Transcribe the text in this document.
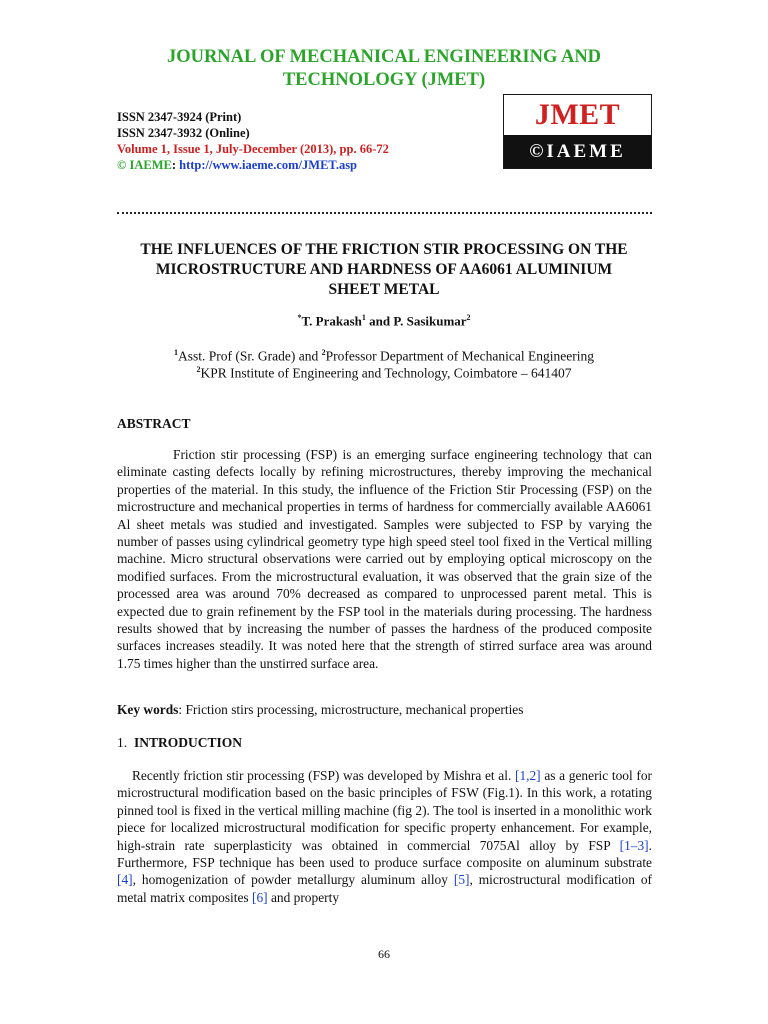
JOURNAL OF MECHANICAL ENGINEERING AND
TECHNOLOGY (JMET)
ISSN 2347-3924 (Print)
ISSN 2347-3932 (Online)
Volume 1, Issue 1, July-December (2013), pp. 66-72
© IAEME: http://www.iaeme.com/JMET.asp
JMET
©IAEME
THE INFLUENCES OF THE FRICTION STIR PROCESSING ON THE
MICROSTRUCTURE AND HARDNESS OF AA6061 ALUMINIUM
SHEET METAL
*T. Prakash$^1$ and P. Sasikumar$^2$
$^1$Asst. Prof (Sr. Grade) and $^2$Professor Department of Mechanical Engineering
$^2$KPR Institute of Engineering and Technology, Coimbatore – 641407
ABSTRACT
Friction stir processing (FSP) is an emerging surface engineering technology that can eliminate casting defects locally by refining microstructures, thereby improving the mechanical properties of the material. In this study, the influence of the Friction Stir Processing (FSP) on the microstructure and mechanical properties in terms of hardness for commercially available AA6061 Al sheet metals was studied and investigated. Samples were subjected to FSP by varying the number of passes using cylindrical geometry type high speed steel tool fixed in the Vertical milling machine. Micro structural observations were carried out by employing optical microscopy on the modified surfaces. From the microstructural evaluation, it was observed that the grain size of the processed area was around 70% decreased as compared to unprocessed parent metal. This is expected due to grain refinement by the FSP tool in the materials during processing. The hardness results showed that by increasing the number of passes the hardness of the produced composite surfaces increases steadily. It was noted here that the strength of stirred surface area was around 1.75 times higher than the unstirred surface area.
Key words: Friction stirs processing, microstructure, mechanical properties
1. INTRODUCTION
Recently friction stir processing (FSP) was developed by Mishra et al. [1,2] as a generic tool for microstructural modification based on the basic principles of FSW (Fig.1). In this work, a rotating pinned tool is fixed in the vertical milling machine (fig 2). The tool is inserted in a monolithic work piece for localized microstructural modification for specific property enhancement. For example, high-strain rate superplasticity was obtained in commercial 7075Al alloy by FSP [1–3]. Furthermore, FSP technique has been used to produce surface composite on aluminum substrate [4], homogenization of powder metallurgy aluminum alloy [5], microstructural modification of metal matrix composites [6] and property
66
